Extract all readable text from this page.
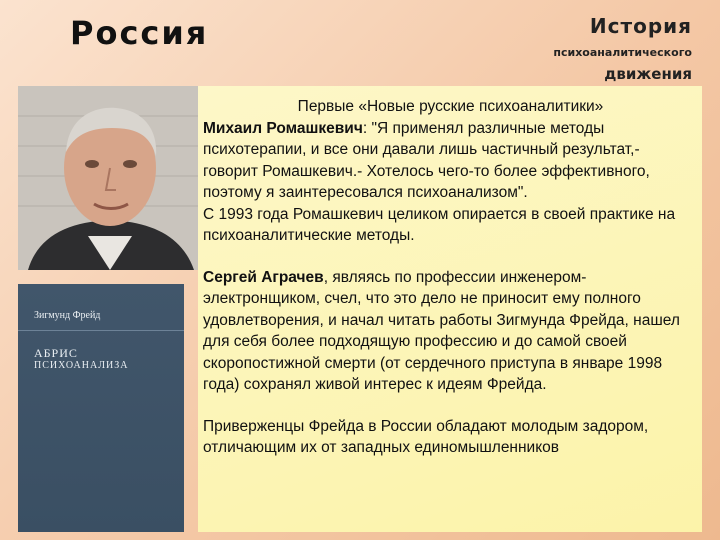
Россия	История
психоаналитического
движения
Зигмунд Фрейд
АБРИС
ПСИХОАНАЛИЗА

Первые «Новые русские психоаналитики»

Михаил Ромашкевич: "Я применял различные методы психотерапии, и все они давали лишь частичный результат,- говорит Ромашкевич.- Хотелось чего-то более эффективного, поэтому я заинтересовался психоанализом".

С 1993 года Ромашкевич целиком опирается в своей практике на психоаналитические методы.

Сергей Аграчев, являясь по профессии инженером-электронщиком, счел, что это дело не приносит ему полного удовлетворения, и начал читать работы Зигмунда Фрейда, нашел для себя более подходящую профессию и до самой своей скоропостижной смерти (от сердечного приступа в январе 1998 года) сохранял живой интерес к идеям Фрейда.

Приверженцы Фрейда в России обладают молодым задором, отличающим их от западных единомышленников
